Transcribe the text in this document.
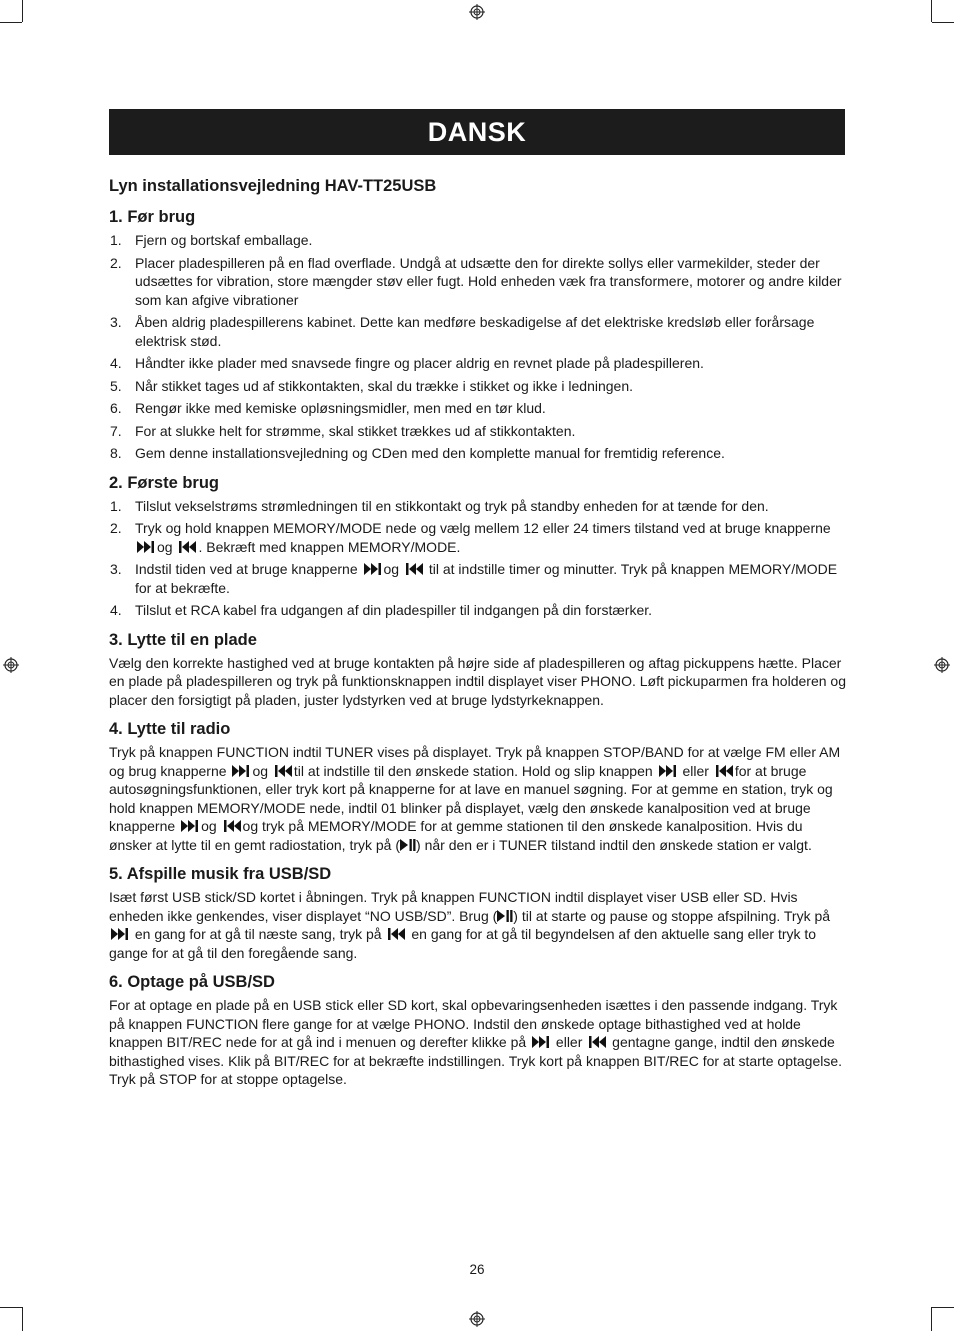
DANSK
Lyn installationsvejledning HAV-TT25USB
1. Før brug
1. Fjern og bortskaf emballage.
2. Placer pladespilleren på en flad overflade. Undgå at udsætte den for direkte sollys eller varmekilder, steder der udsættes for vibration, store mængder støv eller fugt. Hold enheden væk fra transformere, motorer og andre kilder som kan afgive vibrationer
3. Åben aldrig pladespillerens kabinet. Dette kan medføre beskadigelse af det elektriske kredsløb eller forårsage elektrisk stød.
4. Håndter ikke plader med snavsede fingre og placer aldrig en revnet plade på pladespilleren.
5. Når stikket tages ud af stikkontakten, skal du trække i stikket og ikke i ledningen.
6. Rengør ikke med kemiske opløsningsmidler, men med en tør klud.
7. For at slukke helt for strømme, skal stikket trækkes ud af stikkontakten.
8. Gem denne installationsvejledning og CDen med den komplette manual for fremtidig reference.
2. Første brug
1. Tilslut vekselstrøms strømledningen til en stikkontakt og tryk på standby enheden for at tænde for den.
2. Tryk og hold knappen MEMORY/MODE nede og vælg mellem 12 eller 24 timers tilstand ved at bruge knapperne og . Bekræft med knappen MEMORY/MODE.
3. Indstil tiden ved at bruge knapperne og til at indstille timer og minutter. Tryk på knappen MEMORY/MODE for at bekræfte.
4. Tilslut et RCA kabel fra udgangen af din pladespiller til indgangen på din forstærker.
3. Lytte til en plade

Vælg den korrekte hastighed ved at bruge kontakten på højre side af pladespilleren og aftag pickuppens hætte. Placer en plade på pladespilleren og tryk på funktionsknappen indtil displayet viser PHONO. Løft pickuparmen fra holderen og placer den forsigtigt på pladen, juster lydstyrken ved at bruge lydstyrkeknappen.

4. Lytte til radio

Tryk på knappen FUNCTION indtil TUNER vises på displayet. Tryk på knappen STOP/BAND for at vælge FM eller AM og brug knapperne og til at indstille til den ønskede station. Hold og slip knappen eller for at bruge autosøgningsfunktionen, eller tryk kort på knapperne for at lave en manuel søgning. For at gemme en station, tryk og hold knappen MEMORY/MODE nede, indtil 01 blinker på displayet, vælg den ønskede kanalposition ved at bruge knapperne og og tryk på MEMORY/MODE for at gemme stationen til den ønskede kanalposition. Hvis du ønsker at lytte til en gemt radiostation, tryk på ( ) når den er i TUNER tilstand indtil den ønskede station er valgt.

5. Afspille musik fra USB/SD

Isæt først USB stick/SD kortet i åbningen. Tryk på knappen FUNCTION indtil displayet viser USB eller SD. Hvis enheden ikke genkendes, viser displayet “NO USB/SD”. Brug ( ) til at starte og pause og stoppe afspilning. Tryk på  en gang for at gå til næste sang, tryk på en gang for at gå til begyndelsen af den aktuelle sang eller tryk to gange for at gå til den foregående sang.

6. Optage på USB/SD

For at optage en plade på en USB stick eller SD kort, skal opbevaringsenheden isættes i den passende indgang. Tryk på knappen FUNCTION flere gange for at vælge PHONO. Indstil den ønskede optage bithastighed ved at holde knappen BIT/REC nede for at gå ind i menuen og derefter klikke på eller gentagne gange, indtil den ønskede bithastighed vises. Klik på BIT/REC for at bekræfte indstillingen. Tryk kort på knappen BIT/REC for at starte optagelse. Tryk på STOP for at stoppe optagelse.

26
